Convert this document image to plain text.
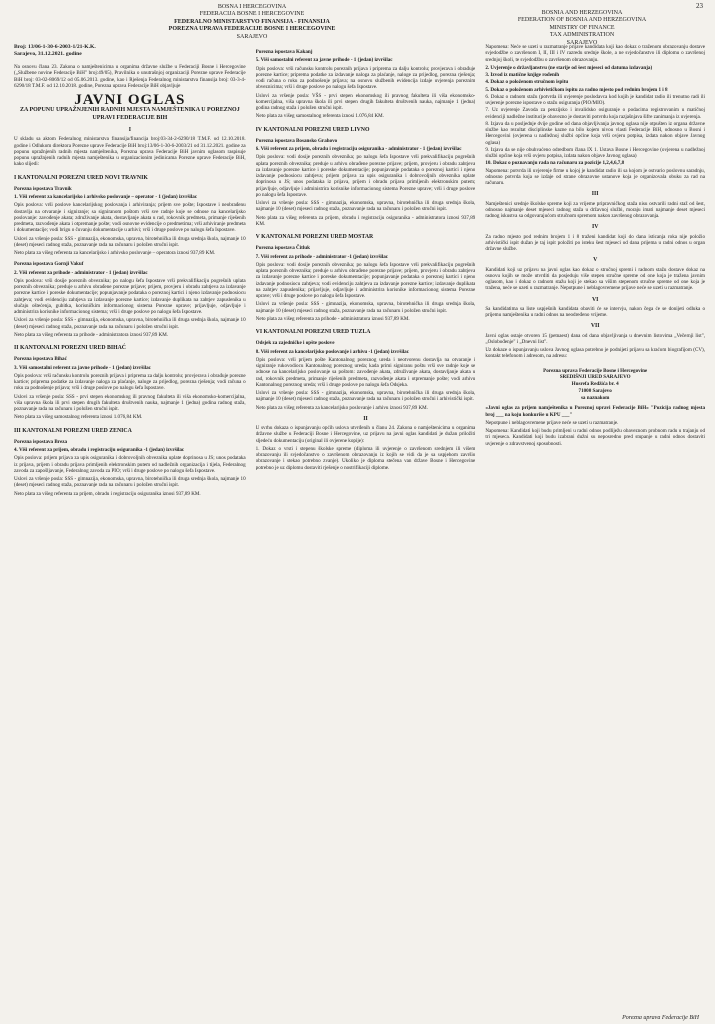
23
BOSNA I HERCEGOVINA
FEDERACIJA BOSNE I HERCEGOVINE
FEDERALNO MINISTARSTVO FINANSIJA - FINANSIJA
POREZNA UPRAVA FEDERACIJE BOSNE I HERCEGOVINE
SARAJEVO
BOSNIA AND HERZEGOVINA
FEDERATION OF BOSNIA AND HERZEGOVINA
MINISTRY OF FINANCE
TAX ADMINISTRATION
SARAJEVO
Broj: 13/06-1-30-6-2003-1/21-K.K.
Sarajevo, 31.12.2021. godine

Na osnovu člana 23. Zakona o namještenicima u organima državne službe u Federaciji Bosne i Hercegovine („Službene novine Federacije BiH" broj:49/05), Pravilnika o unutrašnjoj organizaciji Porezne uprave Federacije BiH broj: 03-02-8069/12 od 05.06.2013. godine, kao i Rješenja Federalnog ministarstva finansija broj: 03-3-4-6290/18 T.M.F. od 12.10.2018. godine, Porezna uprava Federacije BiH objavljuje

JAVNI OGLAS
ZA POPUNU UPRAŽNJENIH RADNIH MJESTA NAMJEŠTENIKA U POREZNOJ UPRAVI FEDERACIJE BIH
I

U skladu sa aktom Federalnog ministarstva finansija/financija broj:03-34-2-6290/18 T.M.F. od 12.10.2018. godine i Odlukom direktora Porezne uprave Federacije BiH broj:13/06-1-30-6-2003/21 od 31.12.2021. godine za popunu upražnjenih radnih mjesta namještenika, Porezna uprava Federacije BiH javnim oglasom raspisuje popunu upražnjenih radnih mjesta namještenika u organizacionim jedinicama Porezne uprave Federacije BiH, kako slijedi:

I KANTONALNI POREZNI URED NOVI TRAVNIK
Porezna ispostava Travnik
1. Viši referent za kancelarijsko i arhivsko poslovanje – operator - 1 (jedan) izvršilac

Opis poslova: vrši poslove kancelarijskog poslovanja i arhiviranja; prijem sve pošte; Ispostave i neobrađenu dostavlja na otvaranje i signiranje; sa signiranom poštom vrši sve radnje koje se odnose na kancelarijsko poslovanje: zavođenje akata; združivanje akata, dostavljanje akata u rad, rokovnik predmeta, primanje riješenih predmeta, razvođenje akata i otpremanje pošte; vodi osnovne evidencije o predmetima; vrši arhiviranje predmeta i dokumentacije; vodi brigu o čuvanju dokumentacije u arhivi; vrši i druge poslove po nalogu šefa Ispostave.

Uslovi za vršenje posla: SSS - gimnazija, ekonomska, upravna, birotehnička ili druga srednja škola, najmanje 10 (deset) mjeseci radnog staža, poznavanje rada na računaru i položen stručni ispit.

Neto plata za višeg referenta za kancelarijsko i arhivsko poslovanje – operatora iznosi 937,89 KM.

Porezna ispostava Gornji Vakuf
2. Viši referent za prihode - administrator - 1 (jedan) izvršilac

Opis poslova: vrši dosije poreznih obveznika; po nalogu šefa Ispostave vrši prekvalifikaciju pogrešnih uplata poreznih obveznika; preduje u arhivu obrađene porezne prijave; prijem, provjeru i obradu zahtjeva za izdavanje porezne kartice i poreske dokumentacije; popunjavanje podataka o poreznoj kartici i njeno izdavanje podnosiocu zahtjeva; vodi evidenciju zahtjeva za izdavanje porezne kartice; izdavanje duplikata na zahtjev zapuslenika u slučaju oštećenja, gubitka, korisničkim informacionog sistema Porezne uprave; prijavljuje, odjavljuje i administrira korisnike informacionog sistema; vrši i druge poslove po nalogu šefa Ispostave.

Uslovi za vršenje posla: SSS - gimnazija, ekonomska, upravna, birotehnička ili druga srednja škola, najmanje 10 (deset) mjeseci radnog staža, poznavanje rada na računaru i položen stručni ispit.

Neto plata za višeg referenta za prihode - administratora iznosi 937,89 KM.

II KANTONALNI POREZNI URED BIHAĆ
Porezna ispostava Bihać
3. Viši samostalni referent za javne prihode - 1 (jedan) izvršilac

Opis poslova: vrši računsku kontrolu poreznih prijava i priprema za dalju kontrolu; provjerava i obrađuje porezne kartice; priprema podatke za izdavanje naloga za plaćanje, naloge za prijedlog, porezna rješenja; vodi računa o roku za podnošenje prijava; vrši i druge poslove po nalogu šefa Ispostave.

Uslovi za vršenje posla: SSS - prvi stepen ekonomskog ili pravnog fakulteta ili viša ekonomsko-komercijalna, viša upravna škola ili prvi stepen drugih fakulteta društvenih nauka, najmanje 1 (jedna) godina radnog staža, poznavanje rada na računaru i položen stručni ispit.

Neto plata za višeg samostalnog referenta iznosi 1.076,84 KM.

III KANTONALNI POREZNI URED ZENICA
Porezna ispostava Breza
4. Viši referent za prijem, obradu i registraciju osiguranika -1 (jedan) izvršilac

Opis poslova: prijem prijava za upis osiguranika i dobrovoljnih obveznika uplate doprinosa u JS; unos podataka iz prijava, prijem i obradu prijava primljenih elektronskim putem od nadležnih organizacija i tijela, Federalnog zavoda za zapošljavanje, Federalnog zavoda za PIO; vrši i druge poslove po nalogu šefa Ispostave.

Uslovi za vršenje posla: SSS - gimnazija, ekonomska, upravna, birotehnička ili druga srednja škola, najmanje 10 (deset) mjeseci radnog staža, poznavanje rada na računaru i položen stručni ispit.

Neto plata za višeg referenta za prijem, obradu i registraciju osiguranika iznosi 937,89 KM.

Porezna ispostava Kakanj
5. Viši samostalni referent za javne prihode - 1 (jedan) izvršilac

Opis poslova: vrši računsku kontrolu poreznih prijava i priprema za dalju kontrolu; provjerava i obrađuje porezne kartice; priprema podatke za izdavanje naloga za plaćanje, naloge za prijedlog, porezna rješenja; vodi računa o roku za podnošenje prijava; na osnovu službenih evidencija izdaje uvjerenja poreznim obveznicima; vrši i druge poslove po nalogu šefa Ispostave.

Uslovi za vršenje posla: VŠS - prvi stepen ekonomskog ili pravnog fakulteta ili viša ekonomsko-komercijalna, viša upravna škola ili prvi stepen drugih fakulteta društvenih nauka, najmanje 1 (jedna) godina radnog staža i položen stručni ispit.

Neto plata za višeg samostalnog referenta iznosi 1.076,84 KM.

IV KANTONALNI POREZNI URED LIVNO
Porezna ispostava Bosansko Grahovo
6. Viši referent za prijem, obradu i registraciju osiguranika - administrator - 1 (jedan) izvršilac

Opis poslova: vodi dosije poreznih obveznika; po nalogu šefa Ispostave vrši prekvalifikaciju pogrešnih uplata poreznih obveznika; preduje u arhivu obrađene porezne prijave; prijem, provjeru i obradu zahtjeva za izdavanje porezne kartice i poreske dokumentacije; popunjavanje podataka o poreznoj kartici i njeno izdavanje podnosiocu zahtjeva; prijem prijava za upis osiguranika i dobrovoljnih obveznika uplate doprinosa u JS; unos podataka iz prijava, prijem i obradu prijava primljenih elektronskim putem; prijavljuje, odjavljuje i administrira korisnike informacionog sistema Porezne uprave; vrši i druge poslove po nalogu šefa Ispostave.

Uslovi za vršenje posla: SSS - gimnazija, ekonomska, upravna, birotehnička ili druga srednja škola, najmanje 10 (deset) mjeseci radnog staža, poznavanje rada na računaru i položen stručni ispit.

Neto plata za višeg referenta za prijem, obradu i registraciju osiguranika - administratora iznosi 937,89 KM.

V KANTONALNI POREZNI URED MOSTAR
Porezna ispostava Čitluk
7. Viši referent za prihode - administrator -1 (jedan) izvršilac

Opis poslova: vodi dosije poreznih obveznika; po nalogu šefa Ispostave vrši prekvalifikaciju pogrešnih uplata poreznih obveznika; preduje u arhivu obrađene porezne prijave; prijem, provjeru i obradu zahtjeva za izdavanje porezne kartice i poreske dokumentacije; popunjavanje podataka o poreznoj kartici i njeno izdavanje podnosiocu zahtjeva; vodi evidenciju zahtjeva za izdavanje porezne kartice; izdavanje duplikata na zahtjev zapuslenika; prijavljuje, odjavljuje i administrira korisnike informacionog sistema Porezne uprave; vrši i druge poslove po nalogu šefa Ispostave.

Uslovi za vršenje posla: SSS - gimnazija, ekonomska, upravna, birotehnička ili druga srednja škola, najmanje 10 (deset) mjeseci radnog staža, poznavanje rada na računaru i položen stručni ispit.

Neto plata za višeg referenta za prihode - administratora iznosi 937,89 KM.

VI KANTONALNI POREZNI URED TUZLA
Odsjek za zajedničke i opšte poslove
8. Viši referent za kancelarijsko poslovanje i arhivu -1 (jedan) izvršilac

Opis poslova: vrši prijem pošte Kantonalnog poreznog ureda i neotvorenu dostavlja na otvaranje i signiranje rukovodiocu Kantonalnog poreznog ureda; kada primi signiranu poštu vrši sve radnje koje se odnose na kancelarijsko poslovanje sa poštom: zavođenje akata, združivanje akata, dostavljanje akata u rad, rokovnik predmeta, primanje riješenih predmeta, razvođenje akata i otpremanje pošte; vodi arhivu Kantonalnog poreznog ureda; vrši i druge poslove po nalogu šefa Odsjeka.

Uslovi za vršenje posla: SSS - gimnazija, ekonomska, upravna, birotehnička ili druga srednja škola, najmanje 10 (deset) mjeseci radnog staža, poznavanje rada na računaru i položen stručni i arhivistički ispit.

Neto plata za višeg referenta za kancelarijsko poslovanje i arhivu iznosi 937,89 KM.

II

U svrhu dokaza o ispunjavanju općih uslova utvrđenih u članu 24. Zakona o namještenicima u organima državne službe u Federaciji Bosne i Hercegovine, uz prijavu na javni oglas kandidati je dužan priložiti sljedeću dokumentaciju (original ili ovjerene kopije):

1. Dokaz o vrsti i stepenu školske spreme (diploma ili uvjerenje o završenom srednjem ili višem obrazovanju ili svjedočanstvo o završenom obrazovanju iz kojih se vidi da je sa uspjehom završio obrazovanje i stekao potrebno zvanje). Ukoliko je diploma stečena van države Bosne i Hercegovine potrebno je uz diplomu dostaviti rješenje o nostrifikaciji diplome.

Napomena: Neće se uzeti u razmatranje prijave kandidata koji kao dokaz o traženom obrazovanju dostave svjedodžbe o završenom I, II, III i IV razredu srednje škole, a ne svjedočanstvo ili diplomu o završenoj srednjoj školi, te svjedodžbu o završenom obrazovanju.

2. Uvjerenje o državljanstvu (ne starije od šest mjeseci od datuma izdavanja)
3. Izvod iz matične knjige rođenih
4. Dokaz o položenom stručnom ispitu
5. Dokaz o položenom arhivističkom ispitu za radno mjesto pod rednim brojem 1 i 8
6. Dokaz o radnom stažu (potvrda ili uvjerenje poslodavca kod kojih je kandidat radio ili trenutno radi ili uvjerenje porezne ispostave o stažu osiguranja (PIO/MIO).
7. Uz uvjerenje Zavoda za penzijsko i invalidsko osiguranje o podacima registrovanim u matičnoj evidenciji nadležne institucije obavezno je dostaviti potvrdu koja razjašnjava šifre zanimanja iz uvjerenja.
8. Izjava da u posljednje dvije godine od dana objavljivanja javnog oglasa nije otpušten iz organa državne službe kao rezultat disciplinske kazne na bilo kojem nivou vlasti Federacije BiH, odnosno u Bosni i Hercegovini (ovjerena u nadležnoj službi općine koja vrši ovjeru potpisa, izdata nakon objave Javnog oglasa)
9. Izjava da se nije obuhvaćeno odredbom člana IX 1. Ustava Bosne i Hercegovine (ovjerena u nadležnoj službi općine koja vrši ovjeru potpisa, izdata nakon objave Javnog oglasa)
10. Dokaz o poznavanju rada na računaru za pozicije 1,2,4,6,7,8

Napomena: potvrda ili uvjerenje firme u kojoj je kandidat radio ili sa kojom je ostvario poslovnu saradnju, odnosno potvrda koja se izdaje od strane obrazovne ustanove koja je organizovala obuku za rad na računaru.

III

Namještenici srednje školske spreme koji za vrijeme pripravničkog staža nisu ostvarili radni staž od šest, odnosno najmanje deset mjeseci radnog staža u državnoj službi, moraju imati najmanje deset mjeseci radnog iskustva sa odgovarajućom stručnom spremom nakon završenog obrazovanja.

IV

Za radno mjesto pod rednim brojem 1 i 8 traženi kandidat koji do dana isticanja roka nije položio arhivistički ispit dužan je taj ispit položiti po isteku šest mjeseci od dana prijema u radni odnos u organ državne službe.

V

Kandidati koji uz prijavu na javni oglas kao dokaz o stručnoj spremi i radnom stažu dostave dokaz na osnovu kojih se može utvrditi da posjeduju više stepen stručne spreme od one koja je tražena javnim oglasom, kao i dokaz o radnom stažu koji je stekao sa višim stepenom stručne spreme od one koja je tražena, neće se uzeti u razmatranje. Nepotpune i neblagovremene prijave neće se uzeti u razmatranje.

VI

Sa kandidatima sa liste uspješnih kandidata obaviti će se intervju, nakon čega će se donijeti odluka o prijemu namještenika u radni odnos na neodređeno vrijeme.

VII

Javni oglas ostaje otvoren 15 (petnaest) dana od dana objavljivanja u dnevnim listovima „Večernji list", „Oslobođenje" i „Dnevni list".

Uz dokaze o ispunjavanju uslova Javnog oglasa potrebno je podnijeti prijavu sa kraćom biografijom (CV), kontakt telefonom i adresom, na adresu:

Porezna uprava Federacije Bosne i Hercegovine
SREDIŠNJI URED SARAJEVO
Husrefa Redžića br. 4
71000 Sarajevo
sa naznakom

«Javni oglas za prijem namještenika u Poreznoj upravi Federacije BiH» "Pozicija radnog mjesta broj ___ na koju konkuriše u KPU ___"

Nepotpune i neblagovremene prijave neće se uzeti u razmatranje.

Napomena: Kandidati koji budu primljeni u radni odnos podliježu obaveznom probnom radu u trajanju od tri mjeseca. Kandidati koji budu izabrani dužni su neposredno pred stupanje u radni odnos dostaviti uvjerenje o zdravstvenoj sposobnosti.

Porezna uprava Federacije BiH
